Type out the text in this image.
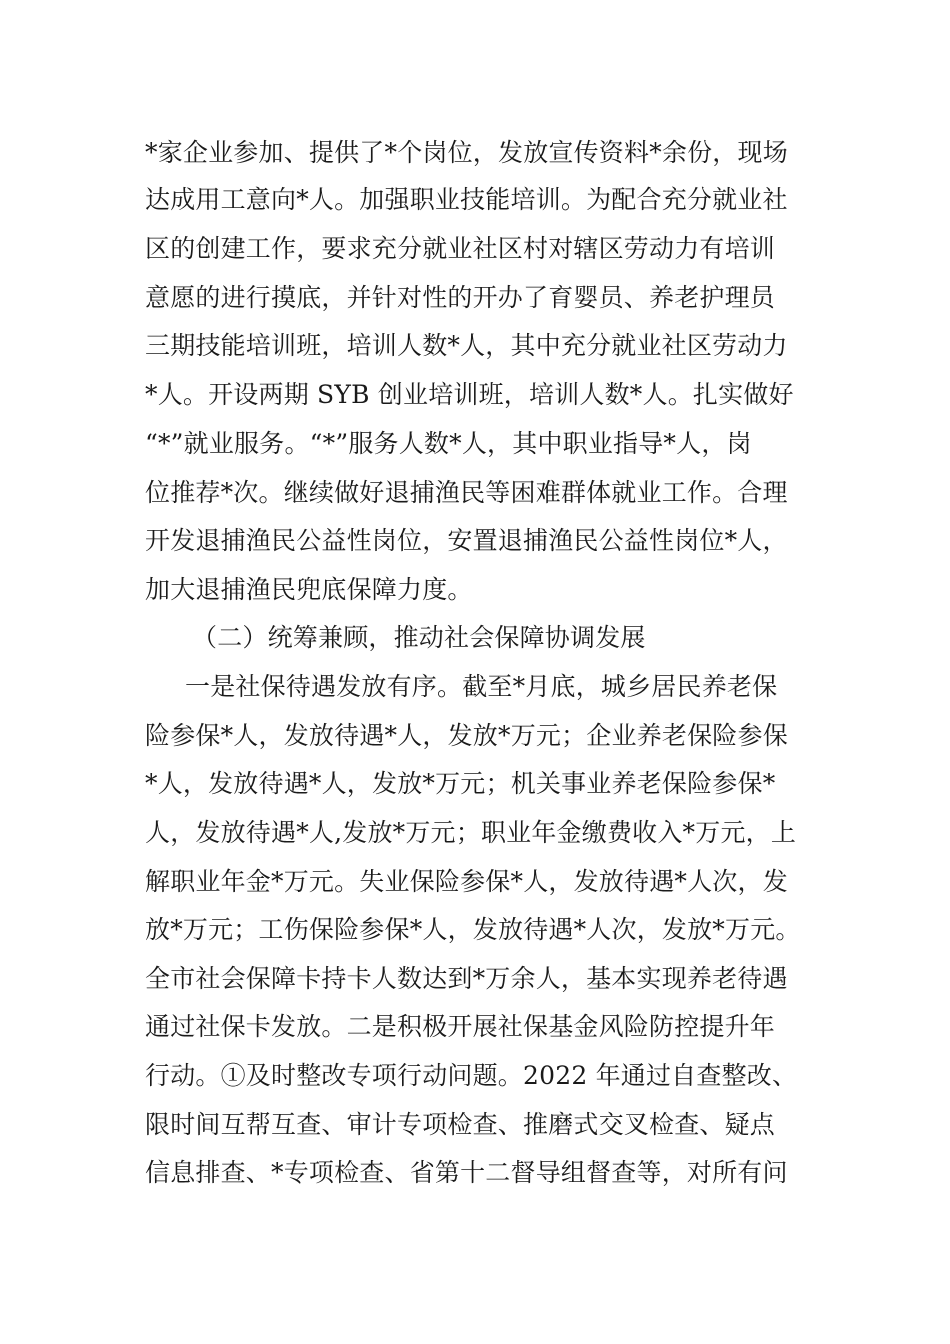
*家企业参加、提供了*个岗位，发放宣传资料*余份，现场
达成用工意向*人。加强职业技能培训。为配合充分就业社
区的创建工作，要求充分就业社区村对辖区劳动力有培训
意愿的进行摸底，并针对性的开办了育婴员、养老护理员
三期技能培训班，培训人数*人，其中充分就业社区劳动力
*人。开设两期 SYB 创业培训班，培训人数*人。扎实做好
“*”就业服务。“*”服务人数*人，其中职业指导*人，岗
位推荐*次。继续做好退捕渔民等困难群体就业工作。合理
开发退捕渔民公益性岗位，安置退捕渔民公益性岗位*人，
加大退捕渔民兜底保障力度。
（二）统筹兼顾，推动社会保障协调发展
一是社保待遇发放有序。截至*月底，城乡居民养老保
险参保*人，发放待遇*人，发放*万元；企业养老保险参保
*人，发放待遇*人，发放*万元；机关事业养老保险参保*
人，发放待遇*人,发放*万元；职业年金缴费收入*万元，上
解职业年金*万元。失业保险参保*人，发放待遇*人次，发
放*万元；工伤保险参保*人，发放待遇*人次，发放*万元。
全市社会保障卡持卡人数达到*万余人，基本实现养老待遇
通过社保卡发放。二是积极开展社保基金风险防控提升年
行动。①及时整改专项行动问题。2022 年通过自查整改、
限时间互帮互查、审计专项检查、推磨式交叉检查、疑点
信息排查、*专项检查、省第十二督导组督查等，对所有问
